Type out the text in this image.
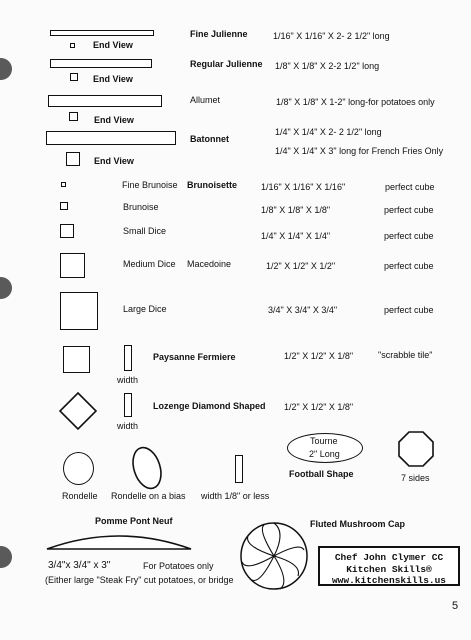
End View
Fine Julienne	1/16" X 1/16" X 2- 2 1/2" long
End View
Regular Julienne 1/8" X 1/8" X 2-2 1/2" long
End View
Allumet	1/8" X 1/8" X 1-2" long-for potatoes only
End View
Batonnet
1/4" X 1/4" X 2- 2 1/2" long
1/4" X 1/4" X 3" long for French Fries Only
Fine Brunoise Brunoisette	1/16" X 1/16" X 1/16"	perfect cube
Brunoise	1/8" X 1/8" X 1/8"	perfect cube
Small Dice	1/4" X 1/4" X 1/4"	perfect cube
Medium Dice Macedoine	1/2" X 1/2" X 1/2"	perfect cube
Large Dice	3/4" X 3/4" X 3/4"	perfect cube
width
Paysanne Fermiere	1/2" X 1/2" X 1/8"	"scrabble tile"
width
Lozenge Diamond Shaped 1/2" X 1/2" X 1/8"
Tourne
2" Long
Football Shape	7 sides
Rondelle Rondelle on a bias width 1/8" or less
Pomme Pont Neuf
3/4"x 3/4" x 3"	For Potatoes only
(Either large "Steak Fry" cut potatoes, or bridge
Fluted Mushroom Cap
Chef John Clymer CC
Kitchen Skills®
www.kitchenskills.us
5
